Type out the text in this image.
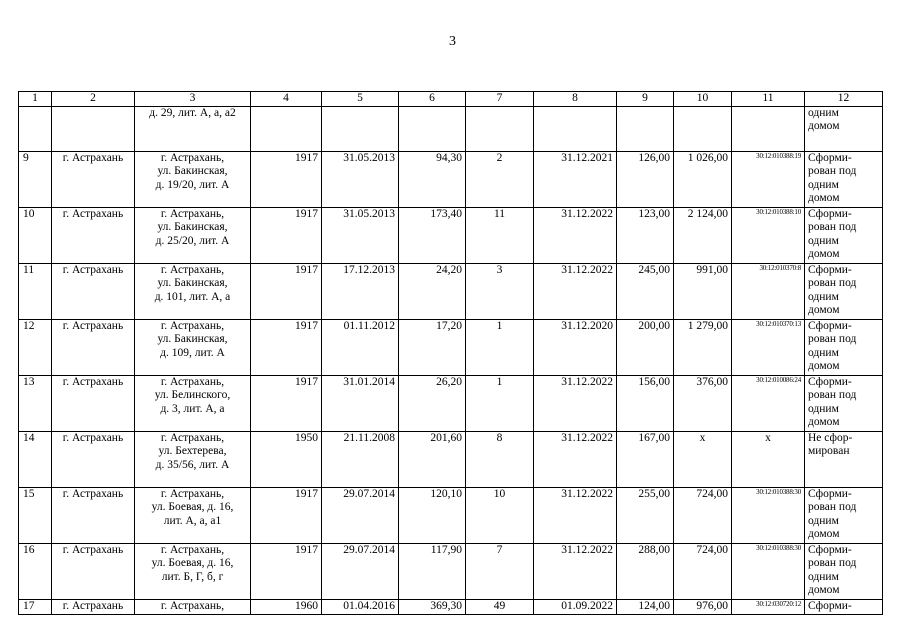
3
1	2	3	4	5	6	7	8	9	10	11	12
		д. 29, лит. А, а, а2									одним
домом
9	г. Астрахань	г. Астрахань,
ул. Бакинская,
д. 19/20, лит. А	1917	31.05.2013	94,30	2	31.12.2021	126,00	1 026,00	30:12:010388:19	Сформи-
рован под
одним
домом
10	г. Астрахань	г. Астрахань,
ул. Бакинская,
д. 25/20, лит. А	1917	31.05.2013	173,40	11	31.12.2022	123,00	2 124,00	30:12:010388:10	Сформи-
рован под
одним
домом
11	г. Астрахань	г. Астрахань,
ул. Бакинская,
д. 101, лит. А, а	1917	17.12.2013	24,20	3	31.12.2022	245,00	991,00	30:12:010370:8	Сформи-
рован под
одним
домом
12	г. Астрахань	г. Астрахань,
ул. Бакинская,
д. 109, лит. А	1917	01.11.2012	17,20	1	31.12.2020	200,00	1 279,00	30:12:010370:13	Сформи-
рован под
одним
домом
13	г. Астрахань	г. Астрахань,
ул. Белинского,
д. 3, лит. А, а	1917	31.01.2014	26,20	1	31.12.2022	156,00	376,00	30:12:010086:24	Сформи-
рован под
одним
домом
14	г. Астрахань	г. Астрахань,
ул. Бехтерева,
д. 35/56, лит. А	1950	21.11.2008	201,60	8	31.12.2022	167,00	x	x	Не сфор-
мирован
15	г. Астрахань	г. Астрахань,
ул. Боевая, д. 16,
лит. А, а, а1	1917	29.07.2014	120,10	10	31.12.2022	255,00	724,00	30:12:010388:30	Сформи-
рован под
одним
домом
16	г. Астрахань	г. Астрахань,
ул. Боевая, д. 16,
лит. Б, Г, б, г	1917	29.07.2014	117,90	7	31.12.2022	288,00	724,00	30:12:010388:30	Сформи-
рован под
одним
домом
17	г. Астрахань	г. Астрахань,	1960	01.04.2016	369,30	49	01.09.2022	124,00	976,00	30:12:030720:12	Сформи-
